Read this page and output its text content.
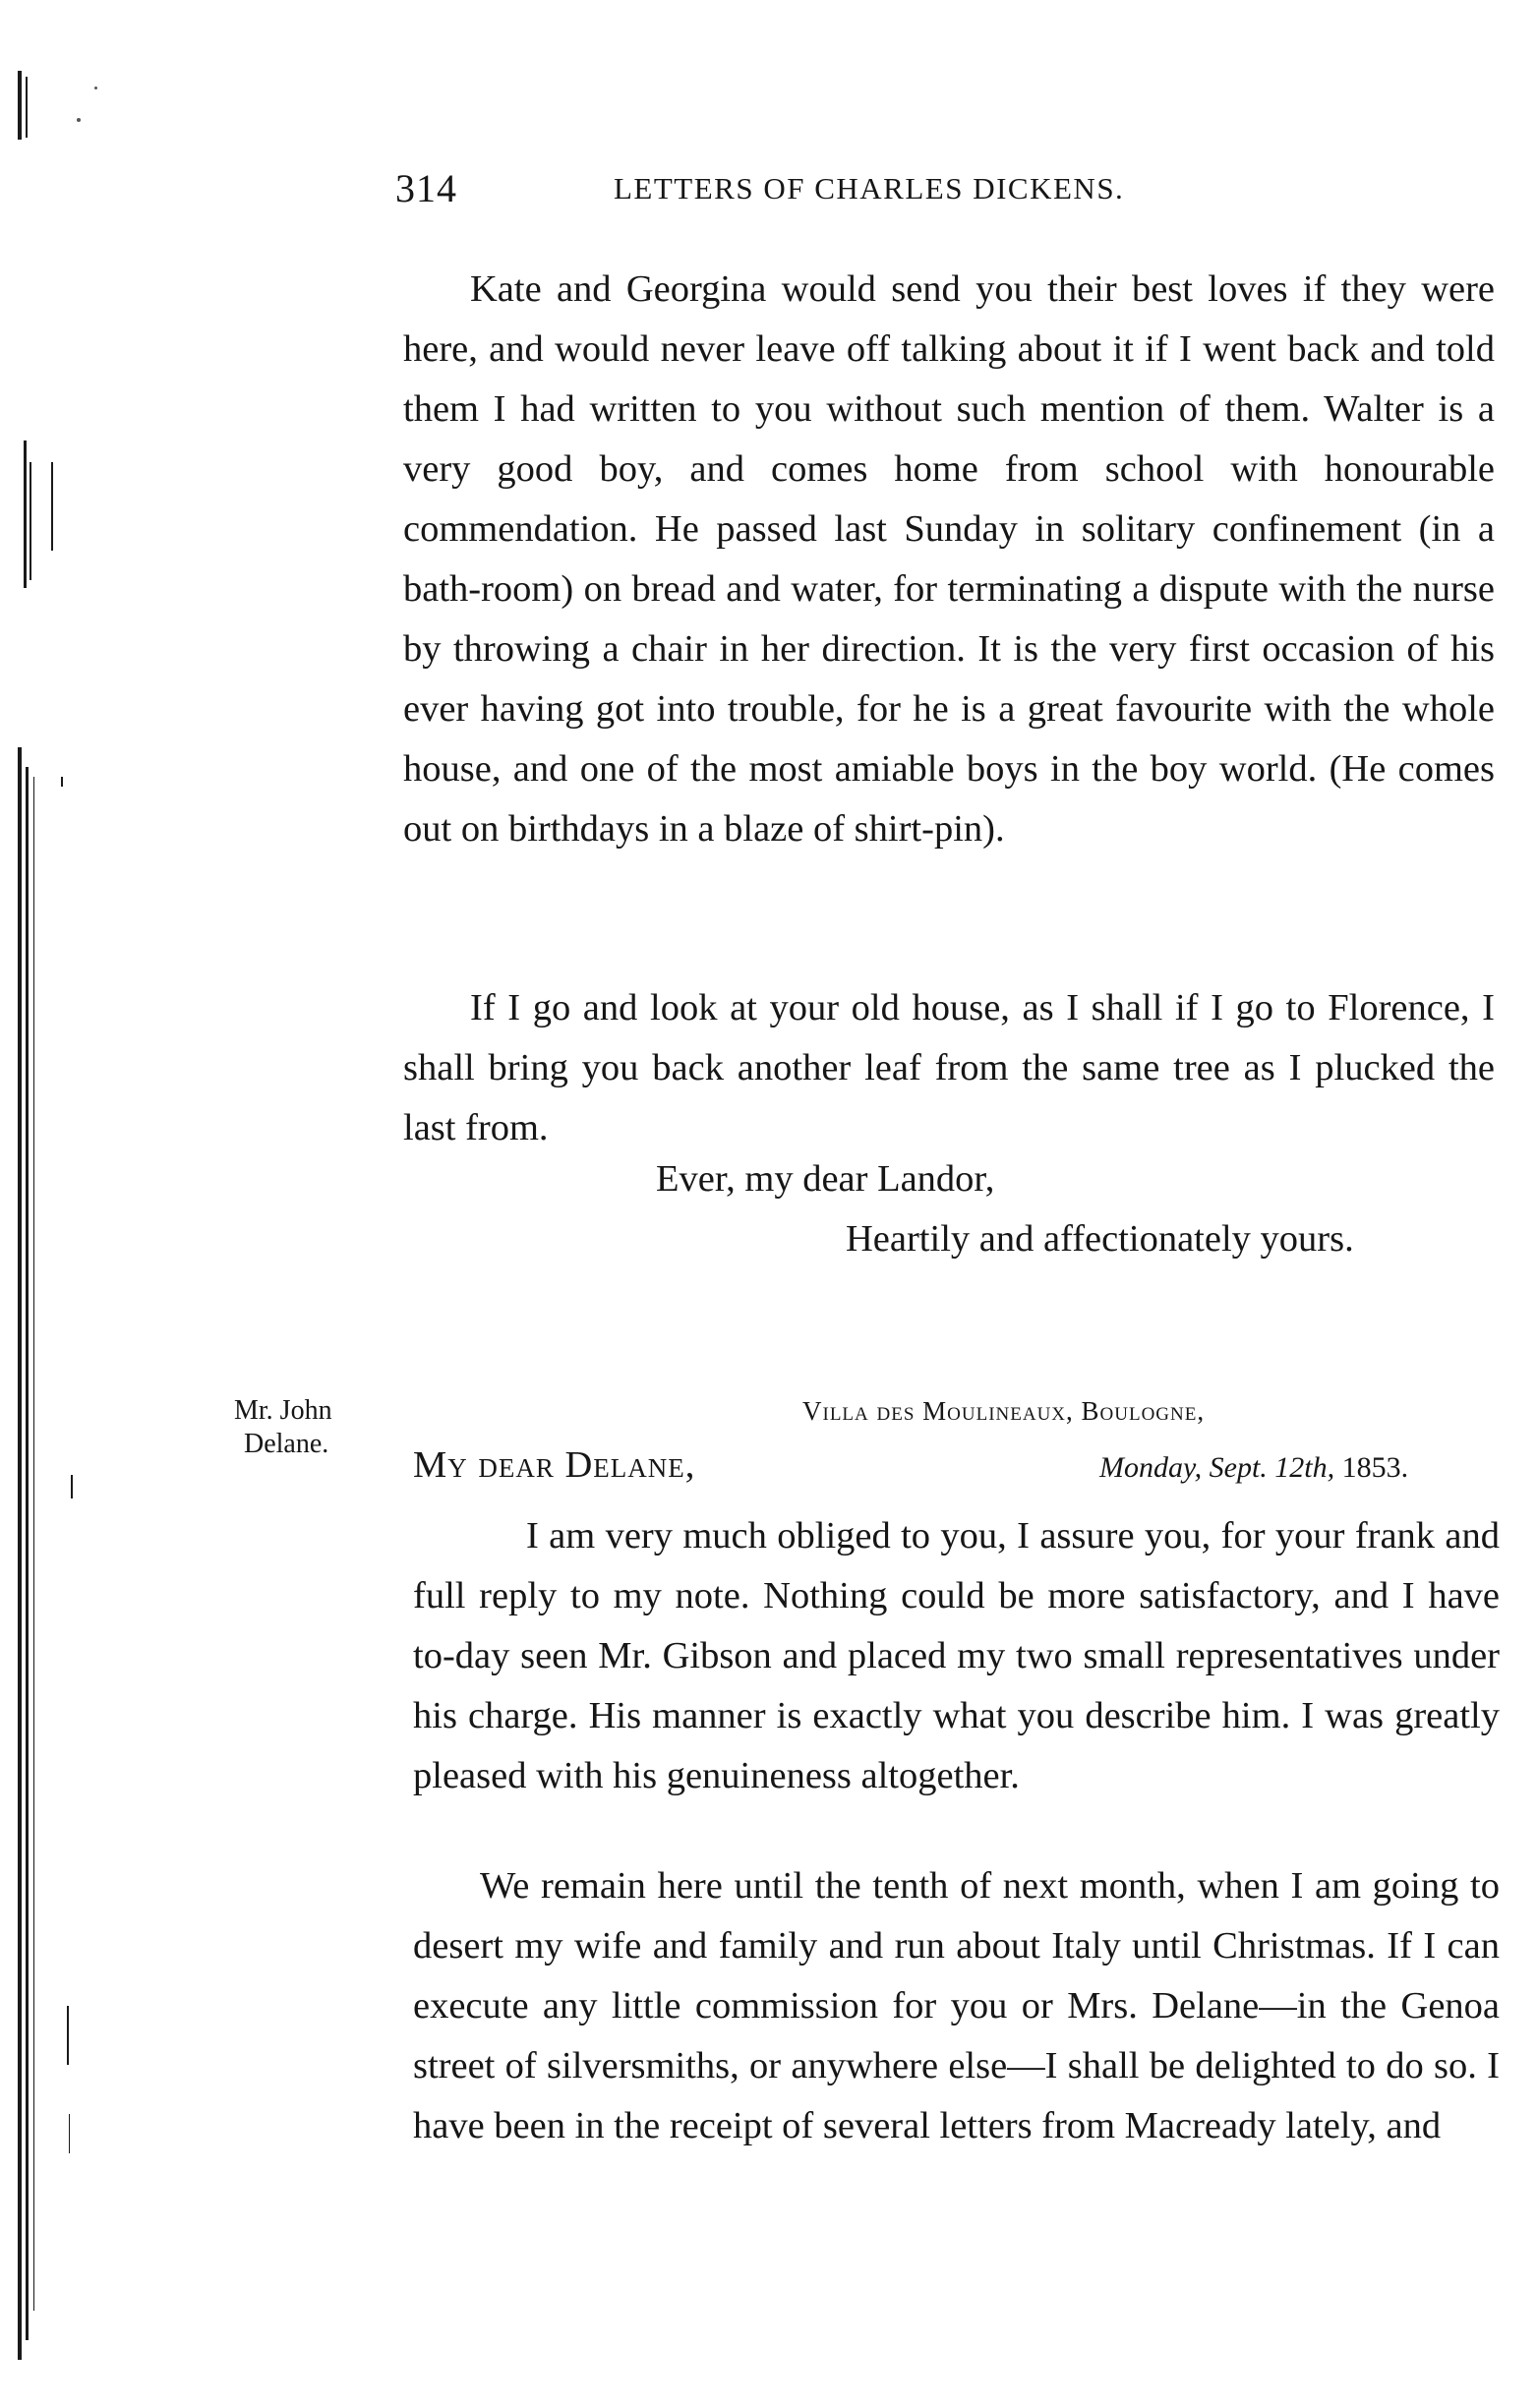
314	LETTERS OF CHARLES DICKENS.

Kate and Georgina would send you their best loves if they were here, and would never leave off talking about it if I went back and told them I had written to you without such mention of them. Walter is a very good boy, and comes home from school with honourable commendation. He passed last Sunday in solitary confinement (in a bath-room) on bread and water, for terminating a dispute with the nurse by throwing a chair in her direction. It is the very first occasion of his ever having got into trouble, for he is a great favourite with the whole house, and one of the most amiable boys in the boy world. (He comes out on birthdays in a blaze of shirt-pin).

If I go and look at your old house, as I shall if I go to Florence, I shall bring you back another leaf from the same tree as I plucked the last from.

Ever, my dear Landor,
Heartily and affectionately yours.
Mr. John
Delane.
Villa des Moulineaux, Boulogne,
My dear Delane,	Monday, Sept. 12th, 1853.

I am very much obliged to you, I assure you, for your frank and full reply to my note. Nothing could be more satisfactory, and I have to-day seen Mr. Gibson and placed my two small representatives under his charge. His manner is exactly what you describe him. I was greatly pleased with his genuineness altogether.

We remain here until the tenth of next month, when I am going to desert my wife and family and run about Italy until Christmas. If I can execute any little commission for you or Mrs. Delane—in the Genoa street of silversmiths, or anywhere else—I shall be delighted to do so. I have been in the receipt of several letters from Macready lately, and
